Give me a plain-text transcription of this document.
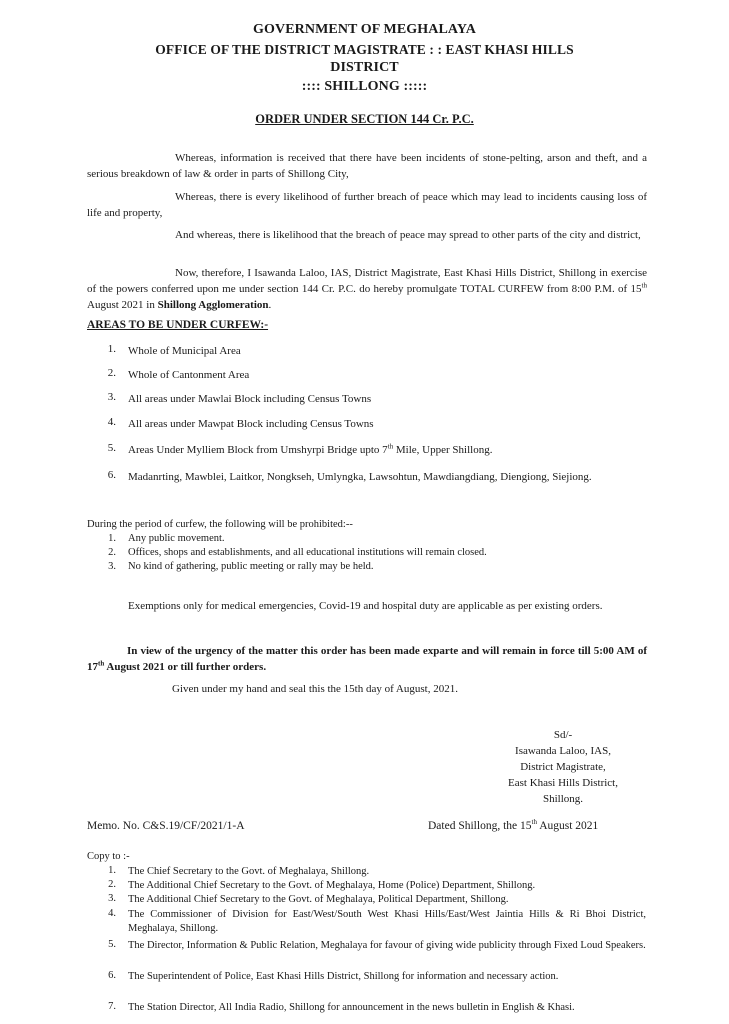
GOVERNMENT OF MEGHALAYA
OFFICE OF THE DISTRICT MAGISTRATE : : EAST KHASI HILLS
DISTRICT
:::: SHILLONG :::::
ORDER UNDER SECTION 144 Cr. P.C.
Whereas, information is received that there have been incidents of stone-pelting, arson and theft, and a serious breakdown of law & order in parts of Shillong City,
Whereas, there is every likelihood of further breach of peace which may lead to incidents causing loss of life and property,
And whereas, there is likelihood that the breach of peace may spread to other parts of the city and district,
Now, therefore, I Isawanda Laloo, IAS, District Magistrate, East Khasi Hills District, Shillong in exercise of the powers conferred upon me under section 144 Cr. P.C. do hereby promulgate TOTAL CURFEW from 8:00 P.M. of 15th August 2021 in Shillong Agglomeration.
AREAS TO BE UNDER CURFEW:-
1. Whole of Municipal Area
2. Whole of Cantonment Area
3. All areas under Mawlai Block including Census Towns
4. All areas under Mawpat Block including Census Towns
5. Areas Under Mylliem Block from Umshyrpi Bridge upto 7th Mile, Upper Shillong.
6. Madanrting, Mawblei, Laitkor, Nongkseh, Umlyngka, Lawsohtun, Mawdiangdiang, Diengiong, Siejiong.
During the period of curfew, the following will be prohibited:--
1. Any public movement.
2. Offices, shops and establishments, and all educational institutions will remain closed.
3. No kind of gathering, public meeting or rally may be held.
Exemptions only for medical emergencies, Covid-19 and hospital duty are applicable as per existing orders.
In view of the urgency of the matter this order has been made exparte and will remain in force till 5:00 AM of 17th August 2021 or till further orders.
Given under my hand and seal this the 15th day of August, 2021.
Sd/-
Isawanda Laloo, IAS,
District Magistrate,
East Khasi Hills District,
Shillong.
Memo. No. C&S.19/CF/2021/1-A	Dated Shillong, the 15th August 2021
Copy to :-
1. The Chief Secretary to the Govt. of Meghalaya, Shillong.
2. The Additional Chief Secretary to the Govt. of Meghalaya, Home (Police) Department, Shillong.
3. The Additional Chief Secretary to the Govt. of Meghalaya, Political Department, Shillong.
4. The Commissioner of Division for East/West/South West Khasi Hills/East/West Jaintia Hills & Ri Bhoi District, Meghalaya, Shillong.
5. The Director, Information & Public Relation, Meghalaya for favour of giving wide publicity through Fixed Loud Speakers.
6. The Superintendent of Police, East Khasi Hills District, Shillong for information and necessary action.
7. The Station Director, All India Radio, Shillong for announcement in the news bulletin in English & Khasi.
